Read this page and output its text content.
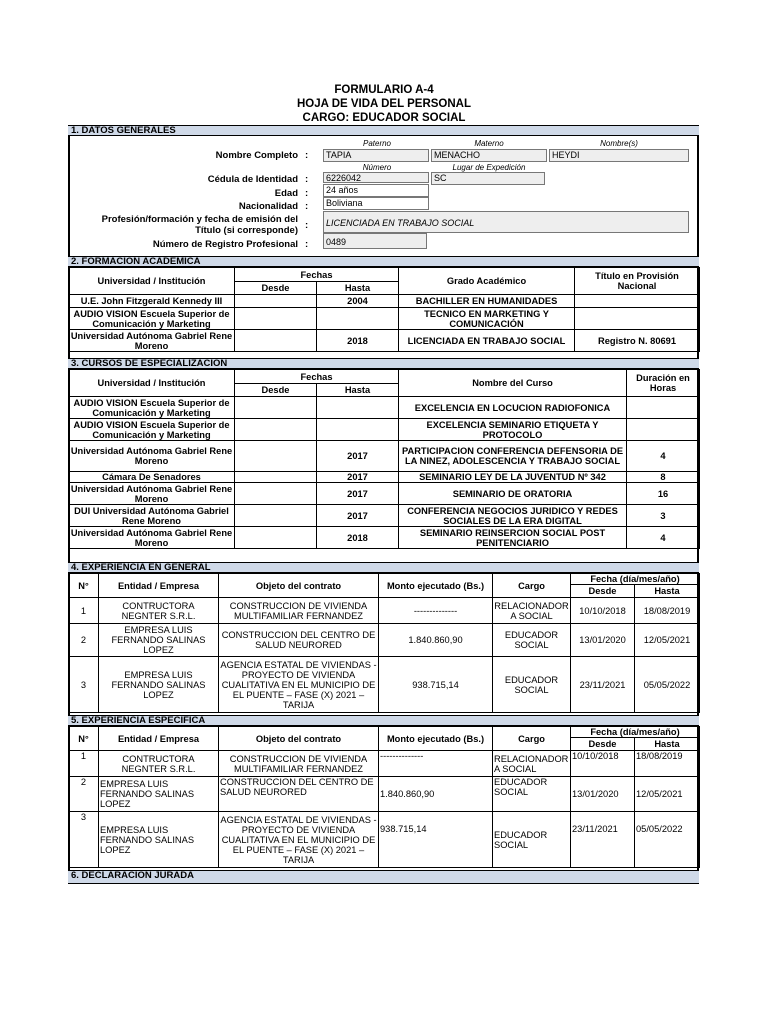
FORMULARIO A-4
HOJA DE VIDA DEL PERSONAL
CARGO: EDUCADOR SOCIAL
1. DATOS GENERALES
Paterno	Materno	Nombre(s)
Nombre Completo :	TAPIA	MENACHO	HEYDI
Número	Lugar de Expedición
Cédula de Identidad :	6226042	SC
Edad :	24 años
Nacionalidad :	Boliviana
Profesión/formación y fecha de emisión del
Título (si corresponde) :	LICENCIADA EN TRABAJO SOCIAL
Número de Registro Profesional :	0489
2. FORMACION ACADEMICA
Universidad / Institución	Fechas		Grado Académico	Título en Provisión Nacional
	Desde	Hasta		
U.E. John Fitzgerald Kennedy III		2004	BACHILLER EN HUMANIDADES	
AUDIO VISION Escuela Superior de Comunicación y Marketing			TECNICO EN MARKETING Y COMUNICACIÓN	
Universidad Autónoma Gabriel Rene Moreno		2018	LICENCIADA EN TRABAJO SOCIAL	Registro N. 80691
3. CURSOS DE ESPECIALIZACION
Universidad / Institución	Fechas		Nombre del Curso	Duración en Horas
	Desde	Hasta		
AUDIO VISION Escuela Superior de Comunicación y Marketing			EXCELENCIA EN LOCUCION RADIOFONICA	
AUDIO VISION Escuela Superior de Comunicación y Marketing			EXCELENCIA SEMINARIO ETIQUETA Y PROTOCOLO	
Universidad Autónoma Gabriel Rene Moreno		2017	PARTICIPACION CONFERENCIA DEFENSORIA DE LA NINEZ, ADOLESCENCIA Y TRABAJO SOCIAL	4
Cámara De Senadores		2017	SEMINARIO LEY DE LA JUVENTUD Nº 342	8
Universidad Autónoma Gabriel Rene Moreno		2017	SEMINARIO DE ORATORIA	16
DUI Universidad Autónoma Gabriel Rene Moreno		2017	CONFERENCIA NEGOCIOS JURIDICO Y REDES SOCIALES DE LA ERA DIGITAL	3
Universidad Autónoma Gabriel Rene Moreno		2018	SEMINARIO REINSERCION SOCIAL POST PENITENCIARIO	4
4. EXPERIENCIA EN GENERAL
N°	Entidad / Empresa	Objeto del contrato	Monto ejecutado (Bs.)	Cargo	Fecha (día/mes/año)	
					Desde	Hasta
1	CONTRUCTORA NEGNTER S.R.L.	CONSTRUCCION DE VIVIENDA MULTIFAMILIAR FERNANDEZ	--------------	RELACIONADOR A SOCIAL	10/10/2018	18/08/2019
2	EMPRESA LUIS FERNANDO SALINAS LOPEZ	CONSTRUCCION DEL CENTRO DE SALUD NEURORED	1.840.860,90	EDUCADOR SOCIAL	13/01/2020	12/05/2021
3	EMPRESA LUIS FERNANDO SALINAS LOPEZ	AGENCIA ESTATAL DE VIVIENDAS - PROYECTO DE VIVIENDA CUALITATIVA EN EL MUNICIPIO DE EL PUENTE – FASE (X) 2021 – TARIJA	938.715,14	EDUCADOR SOCIAL	23/11/2021	05/05/2022
5. EXPERIENCIA ESPECIFICA
N°	Entidad / Empresa	Objeto del contrato	Monto ejecutado (Bs.)	Cargo	Fecha (día/mes/año)	
					Desde	Hasta
1	CONTRUCTORA NEGNTER S.R.L.	CONSTRUCCION DE VIVIENDA MULTIFAMILIAR FERNANDEZ	--------------	RELACIONADOR A SOCIAL	10/10/2018	18/08/2019
2	EMPRESA LUIS FERNANDO SALINAS LOPEZ	CONSTRUCCION DEL CENTRO DE SALUD NEURORED	1.840.860,90	EDUCADOR SOCIAL	13/01/2020	12/05/2021
3	EMPRESA LUIS FERNANDO SALINAS LOPEZ	AGENCIA ESTATAL DE VIVIENDAS - PROYECTO DE VIVIENDA CUALITATIVA EN EL MUNICIPIO DE EL PUENTE – FASE (X) 2021 – TARIJA	938.715,14	EDUCADOR SOCIAL	23/11/2021	05/05/2022
6. DECLARACION JURADA
